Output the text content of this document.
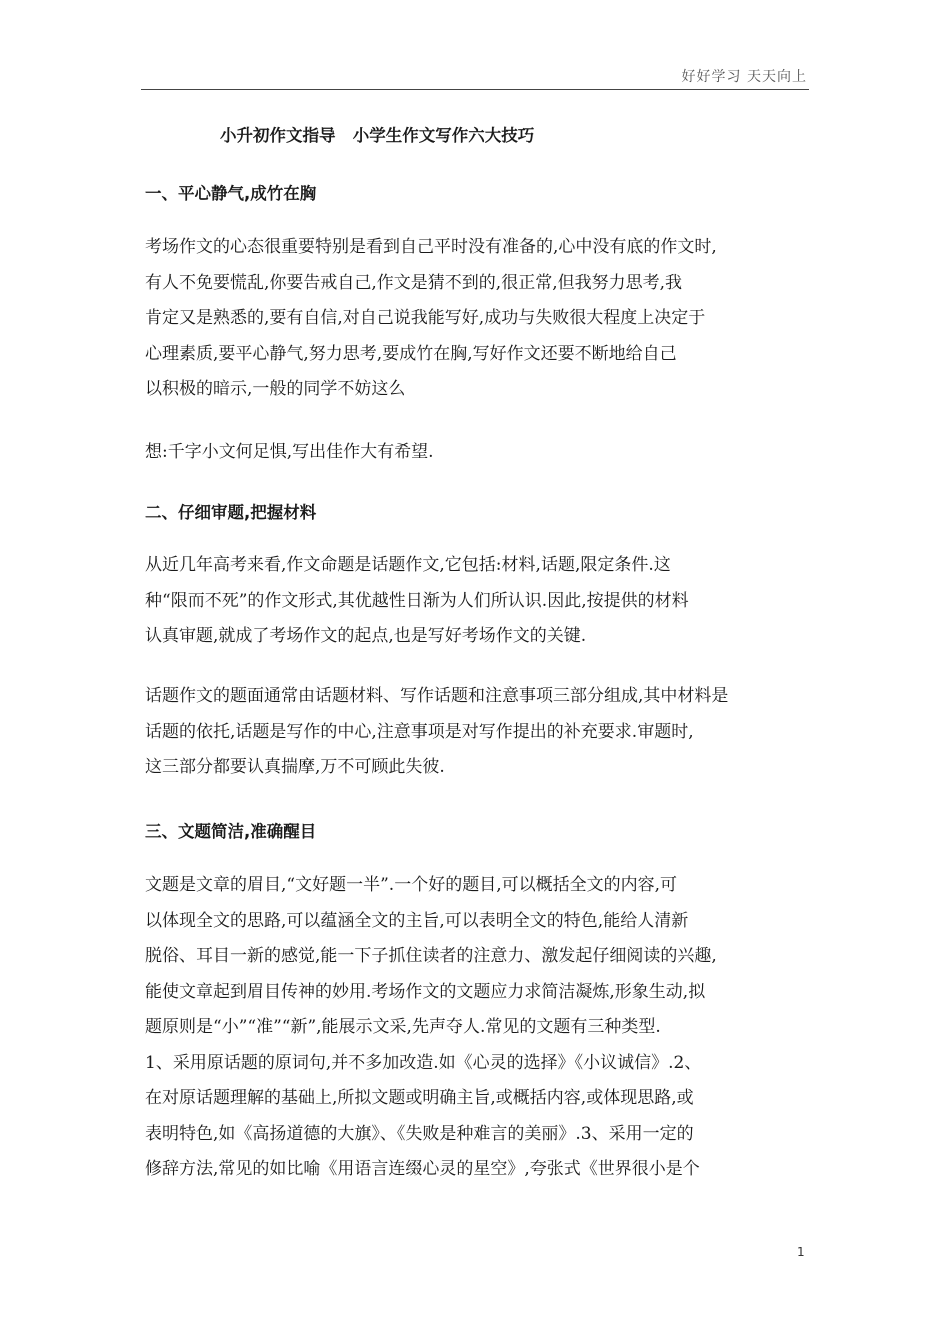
好好学习 天天向上
小升初作文指导   小学生作文写作六大技巧
一、平心静气,成竹在胸
考场作文的心态很重要特别是看到自己平时没有准备的,心中没有底的作文时,
有人不免要慌乱,你要告戒自己,作文是猜不到的,很正常,但我努力思考,我
肯定又是熟悉的,要有自信,对自己说我能写好,成功与失败很大程度上决定于
心理素质,要平心静气,努力思考,要成竹在胸,写好作文还要不断地给自己
以积极的暗示,一般的同学不妨这么
想:千字小文何足惧,写出佳作大有希望.
二、仔细审题,把握材料
从近几年高考来看,作文命题是话题作文,它包括:材料,话题,限定条件.这
种“限而不死”的作文形式,其优越性日渐为人们所认识.因此,按提供的材料
认真审题,就成了考场作文的起点,也是写好考场作文的关键.
话题作文的题面通常由话题材料、写作话题和注意事项三部分组成,其中材料是
话题的依托,话题是写作的中心,注意事项是对写作提出的补充要求.审题时,
这三部分都要认真揣摩,万不可顾此失彼.
三、文题简洁,准确醒目
文题是文章的眉目,“文好题一半”.一个好的题目,可以概括全文的内容,可
以体现全文的思路,可以蕴涵全文的主旨,可以表明全文的特色,能给人清新
脱俗、耳目一新的感觉,能一下子抓住读者的注意力、激发起仔细阅读的兴趣,
能使文章起到眉目传神的妙用.考场作文的文题应力求简洁凝炼,形象生动,拟
题原则是“小”“准”“新”,能展示文采,先声夺人.常见的文题有三种类型.
1、采用原话题的原词句,并不多加改造.如《心灵的选择》《小议诚信》.2、
在对原话题理解的基础上,所拟文题或明确主旨,或概括内容,或体现思路,或
表明特色,如《高扬道德的大旗》、《失败是种难言的美丽》.3、采用一定的
修辞方法,常见的如比喻《用语言连缀心灵的星空》,夸张式《世界很小是个
1
